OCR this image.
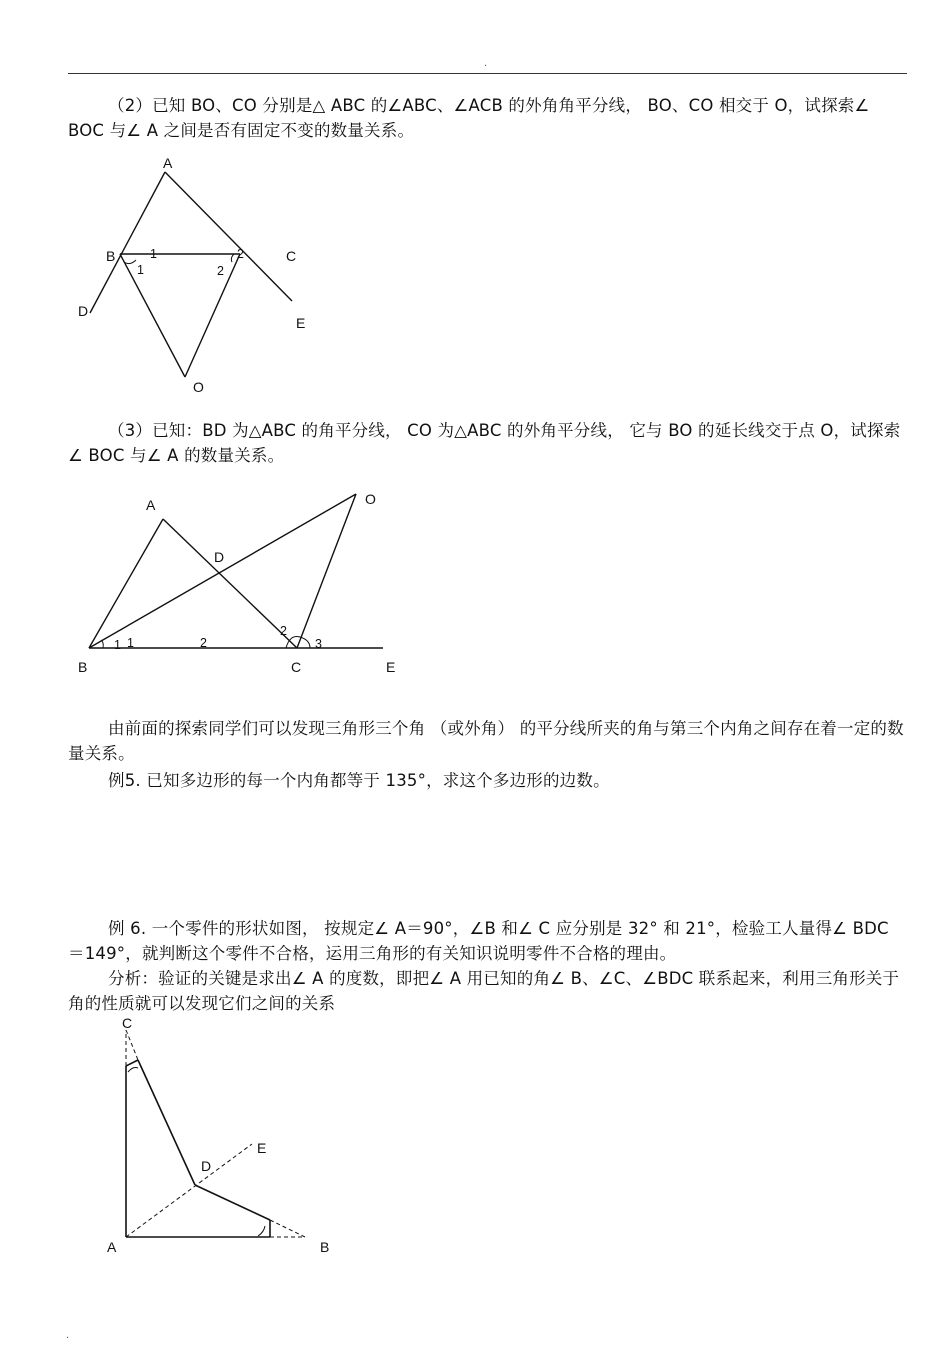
.

（2）已知 BO、CO 分别是△ ABC 的∠ABC、∠ACB 的外角角平分线， BO、CO 相交于 O，试探索∠ BOC 与∠ A 之间是否有固定不变的数量关系。

A
B	C
D
E
O
1
1
2
2

（3）已知：BD 为△ABC 的角平分线， CO 为△ABC 的外角平分线， 它与 BO 的延长线交于点 O，试探索∠ BOC 与∠ A 的数量关系。

A
B	C
D
E
O
1 1	2
2
3

由前面的探索同学们可以发现三角形三个角 （或外角） 的平分线所夹的角与第三个内角之间存在着一定的数量关系。

例5. 已知多边形的每一个内角都等于 135°，求这个多边形的边数。

例 6. 一个零件的形状如图， 按规定∠ A＝90°，∠B 和∠ C 应分别是 32° 和 21°，检验工人量得∠ BDC＝149°，就判断这个零件不合格，运用三角形的有关知识说明零件不合格的理由。

分析：验证的关键是求出∠ A 的度数，即把∠ A 用已知的角∠ B、∠C、∠BDC 联系起来，利用三角形关于角的性质就可以发现它们之间的关系

C
A	B
D
E
.
